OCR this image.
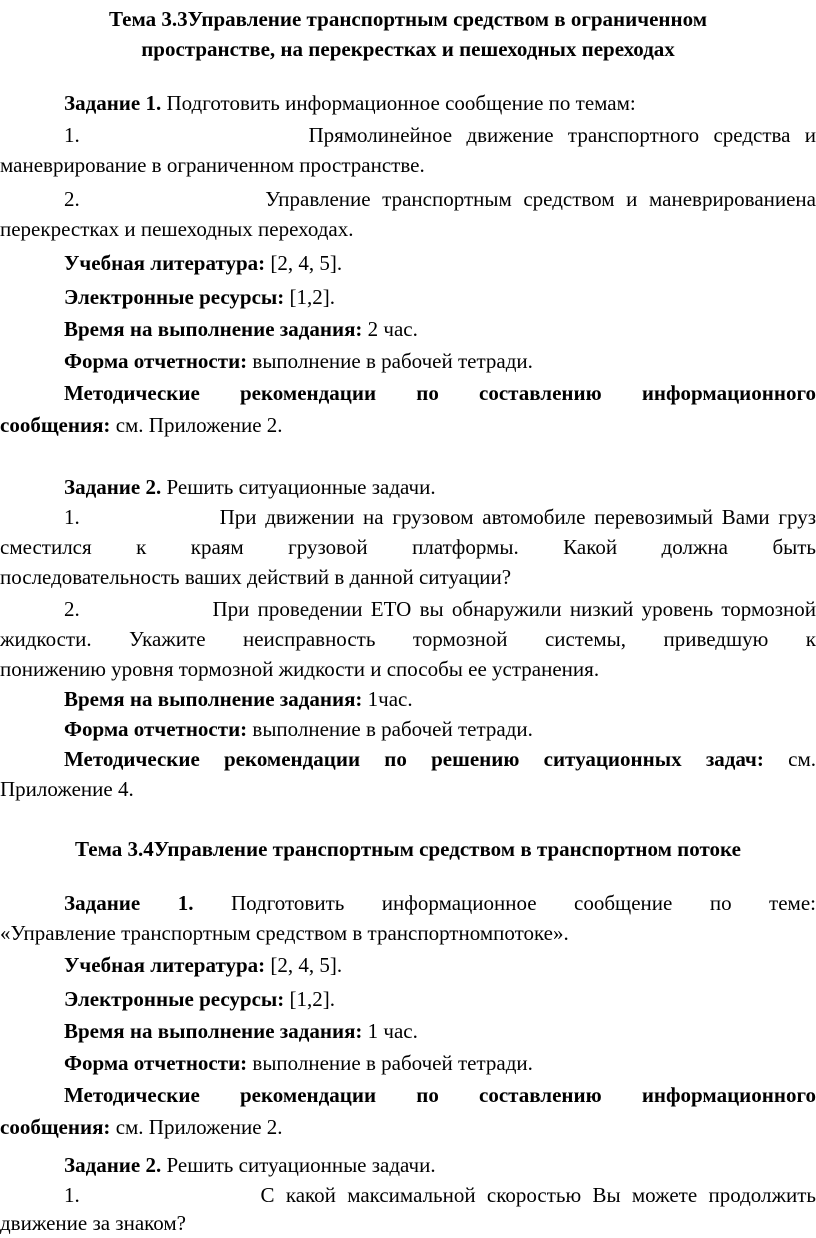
Тема 3.3Управление транспортным средством в ограниченном
пространстве, на перекрестках и пешеходных переходах
Задание 1. Подготовить информационное сообщение по темам:
1.	Прямолинейное движение транспортного средства и
маневрирование в ограниченном пространстве.
2.	Управление транспортным средством и маневрированиена
перекрестках и пешеходных переходах.
Учебная литература: [2, 4, 5].
Электронные ресурсы: [1,2].
Время на выполнение задания: 2 час.
Форма отчетности: выполнение в рабочей тетради.
Методические рекомендации по составлению информационного
сообщения: см. Приложение 2.
Задание 2. Решить ситуационные задачи.
1.	При движении на грузовом автомобиле перевозимый Вами груз
сместился к краям грузовой платформы. Какой должна быть
последовательность ваших действий в данной ситуации?
2.	При проведении ЕТО вы обнаружили низкий уровень тормозной
жидкости. Укажите неисправность тормозной системы, приведшую к
понижению уровня тормозной жидкости и способы ее устранения.
Время на выполнение задания: 1час.
Форма отчетности: выполнение в рабочей тетради.
Методические рекомендации по решению ситуационных задач: см.
Приложение 4.
Тема 3.4Управление транспортным средством в транспортном потоке
Задание 1. Подготовить информационное сообщение по теме:
«Управление транспортным средством в транспортномпотоке».
Учебная литература: [2, 4, 5].
Электронные ресурсы: [1,2].
Время на выполнение задания: 1 час.
Форма отчетности: выполнение в рабочей тетради.
Методические рекомендации по составлению информационного
сообщения: см. Приложение 2.
Задание 2. Решить ситуационные задачи.
1.	С какой максимальной скоростью Вы можете продолжить
движение за знаком?
